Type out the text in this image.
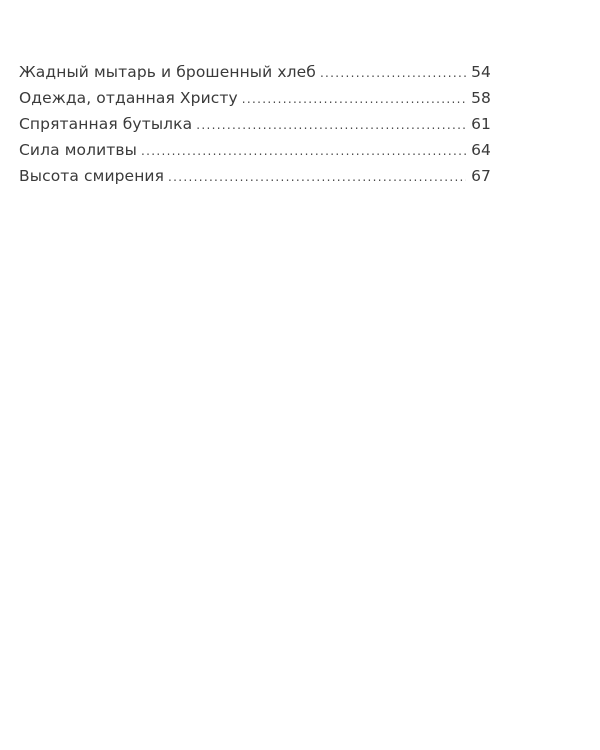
Жадный мытарь и брошенный хлеб .....	54
Одежда, отданная Христу .....	58
Спрятанная бутылка .....	61
Сила молитвы .....	64
Высота смирения .....	67
